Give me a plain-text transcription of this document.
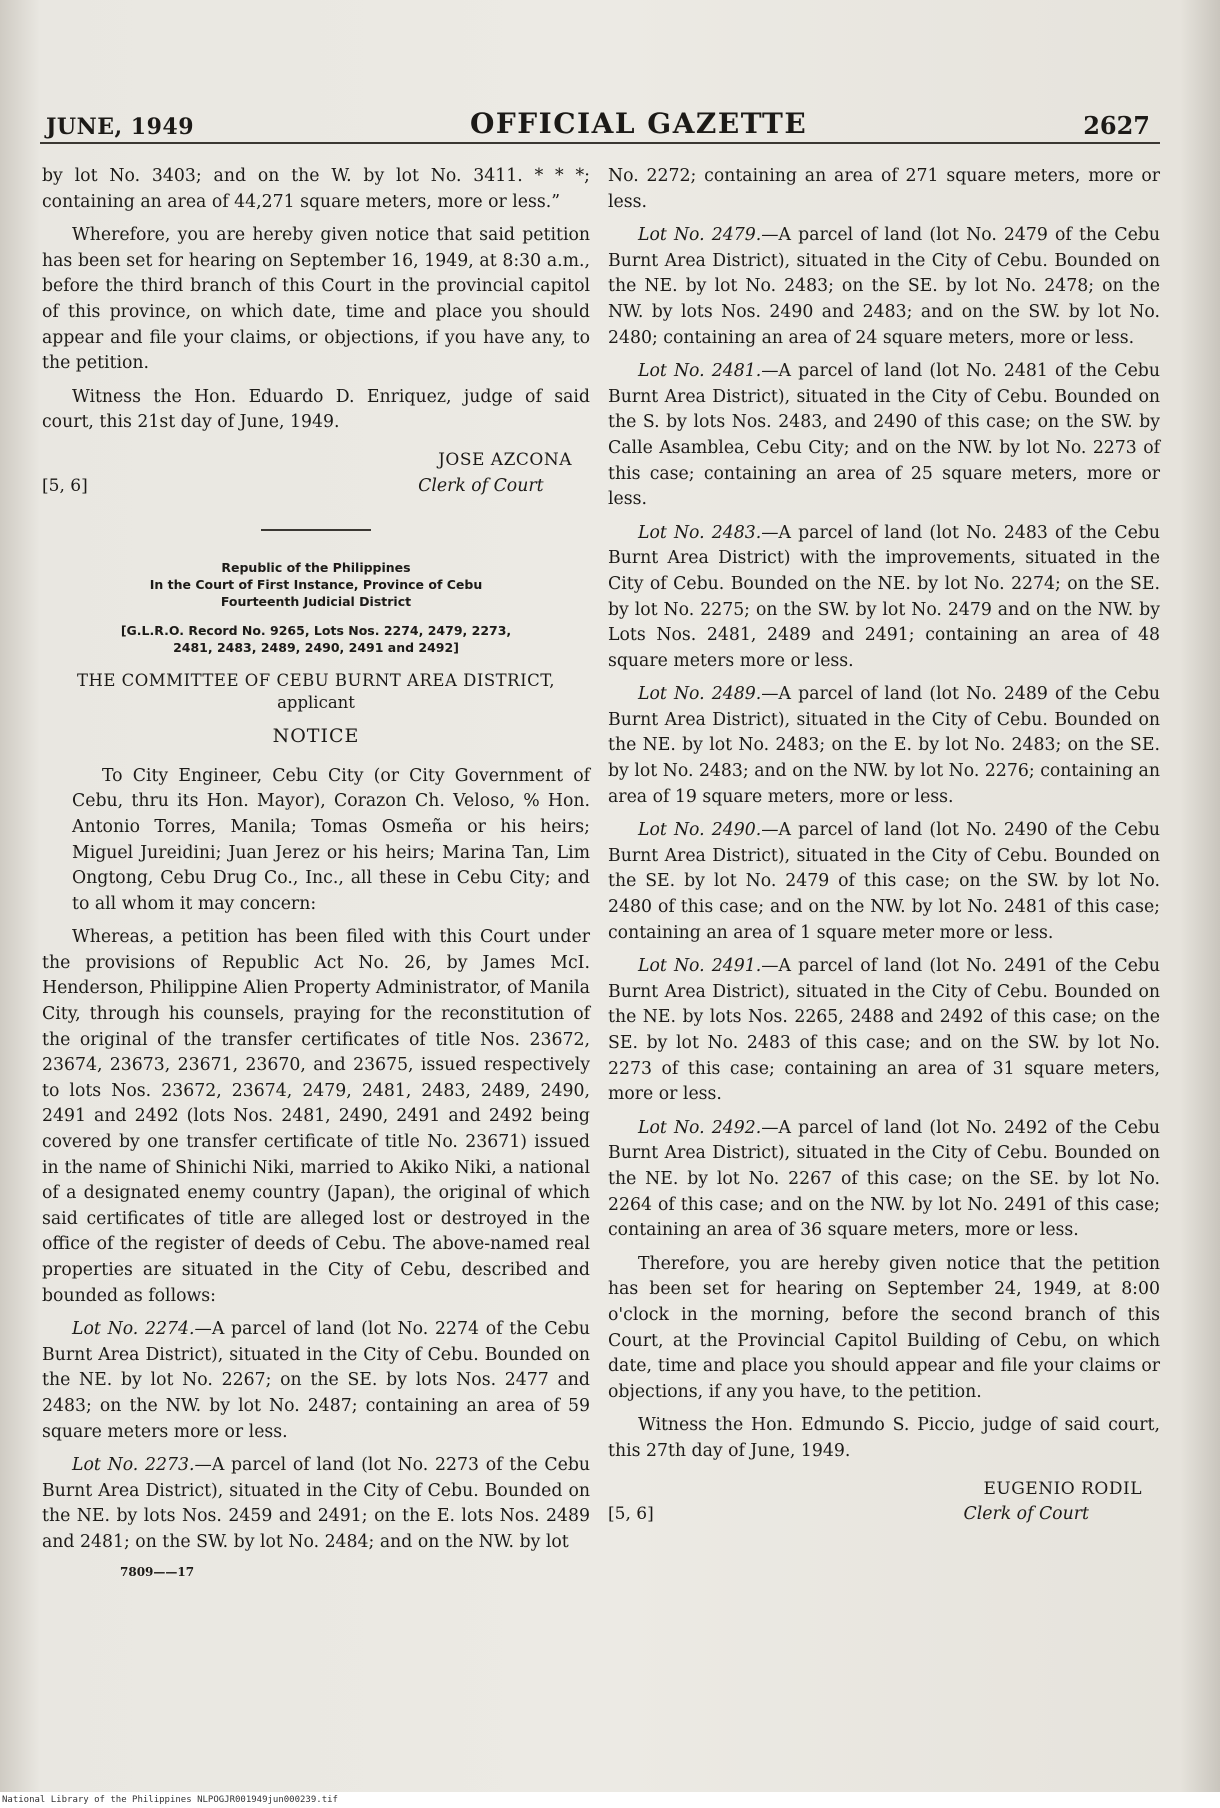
JUNE, 1949	OFFICIAL GAZETTE	2627

by lot No. 3403; and on the W. by lot No. 3411. * * *; containing an area of 44,271 square meters, more or less.”

Wherefore, you are hereby given notice that said petition has been set for hearing on September 16, 1949, at 8:30 a.m., before the third branch of this Court in the provincial capitol of this province, on which date, time and place you should appear and file your claims, or objections, if you have any, to the petition.

Witness the Hon. Eduardo D. Enriquez, judge of said court, this 21st day of June, 1949.

[5, 6]
JOSE AZCONA
Clerk of Court
Republic of the Philippines
In the Court of First Instance, Province of Cebu
Fourteenth Judicial District
[G.L.R.O. Record No. 9265, Lots Nos. 2274, 2479, 2273,
2481, 2483, 2489, 2490, 2491 and 2492]
THE COMMITTEE OF CEBU BURNT AREA DISTRICT,
applicant
NOTICE

To City Engineer, Cebu City (or City Government of Cebu, thru its Hon. Mayor), Corazon Ch. Veloso, % Hon. Antonio Torres, Manila; Tomas Osmeña or his heirs; Miguel Jureidini; Juan Jerez or his heirs; Marina Tan, Lim Ongtong, Cebu Drug Co., Inc., all these in Cebu City; and to all whom it may concern:

Whereas, a petition has been filed with this Court under the provisions of Republic Act No. 26, by James McI. Henderson, Philippine Alien Property Administrator, of Manila City, through his counsels, praying for the reconstitution of the original of the transfer certificates of title Nos. 23672, 23674, 23673, 23671, 23670, and 23675, issued respectively to lots Nos. 23672, 23674, 2479, 2481, 2483, 2489, 2490, 2491 and 2492 (lots Nos. 2481, 2490, 2491 and 2492 being covered by one transfer certificate of title No. 23671) issued in the name of Shinichi Niki, married to Akiko Niki, a national of a designated enemy country (Japan), the original of which said certificates of title are alleged lost or destroyed in the office of the register of deeds of Cebu. The above-named real properties are situated in the City of Cebu, described and bounded as follows:

Lot No. 2274.—A parcel of land (lot No. 2274 of the Cebu Burnt Area District), situated in the City of Cebu. Bounded on the NE. by lot No. 2267; on the SE. by lots Nos. 2477 and 2483; on the NW. by lot No. 2487; containing an area of 59 square meters more or less.

Lot No. 2273.—A parcel of land (lot No. 2273 of the Cebu Burnt Area District), situated in the City of Cebu. Bounded on the NE. by lots Nos. 2459 and 2491; on the E. lots Nos. 2489 and 2481; on the SW. by lot No. 2484; and on the NW. by lot

7809——17

No. 2272; containing an area of 271 square meters, more or less.

Lot No. 2479.—A parcel of land (lot No. 2479 of the Cebu Burnt Area District), situated in the City of Cebu. Bounded on the NE. by lot No. 2483; on the SE. by lot No. 2478; on the NW. by lots Nos. 2490 and 2483; and on the SW. by lot No. 2480; containing an area of 24 square meters, more or less.

Lot No. 2481.—A parcel of land (lot No. 2481 of the Cebu Burnt Area District), situated in the City of Cebu. Bounded on the S. by lots Nos. 2483, and 2490 of this case; on the SW. by Calle Asamblea, Cebu City; and on the NW. by lot No. 2273 of this case; containing an area of 25 square meters, more or less.

Lot No. 2483.—A parcel of land (lot No. 2483 of the Cebu Burnt Area District) with the improvements, situated in the City of Cebu. Bounded on the NE. by lot No. 2274; on the SE. by lot No. 2275; on the SW. by lot No. 2479 and on the NW. by Lots Nos. 2481, 2489 and 2491; containing an area of 48 square meters more or less.

Lot No. 2489.—A parcel of land (lot No. 2489 of the Cebu Burnt Area District), situated in the City of Cebu. Bounded on the NE. by lot No. 2483; on the E. by lot No. 2483; on the SE. by lot No. 2483; and on the NW. by lot No. 2276; containing an area of 19 square meters, more or less.

Lot No. 2490.—A parcel of land (lot No. 2490 of the Cebu Burnt Area District), situated in the City of Cebu. Bounded on the SE. by lot No. 2479 of this case; on the SW. by lot No. 2480 of this case; and on the NW. by lot No. 2481 of this case; containing an area of 1 square meter more or less.

Lot No. 2491.—A parcel of land (lot No. 2491 of the Cebu Burnt Area District), situated in the City of Cebu. Bounded on the NE. by lots Nos. 2265, 2488 and 2492 of this case; on the SE. by lot No. 2483 of this case; and on the SW. by lot No. 2273 of this case; containing an area of 31 square meters, more or less.

Lot No. 2492.—A parcel of land (lot No. 2492 of the Cebu Burnt Area District), situated in the City of Cebu. Bounded on the NE. by lot No. 2267 of this case; on the SE. by lot No. 2264 of this case; and on the NW. by lot No. 2491 of this case; containing an area of 36 square meters, more or less.

Therefore, you are hereby given notice that the petition has been set for hearing on September 24, 1949, at 8:00 o'clock in the morning, before the second branch of this Court, at the Provincial Capitol Building of Cebu, on which date, time and place you should appear and file your claims or objections, if any you have, to the petition.

Witness the Hon. Edmundo S. Piccio, judge of said court, this 27th day of June, 1949.

[5, 6]
EUGENIO RODIL
Clerk of Court
National Library of the Philippines NLPOGJR001949jun000239.tif
